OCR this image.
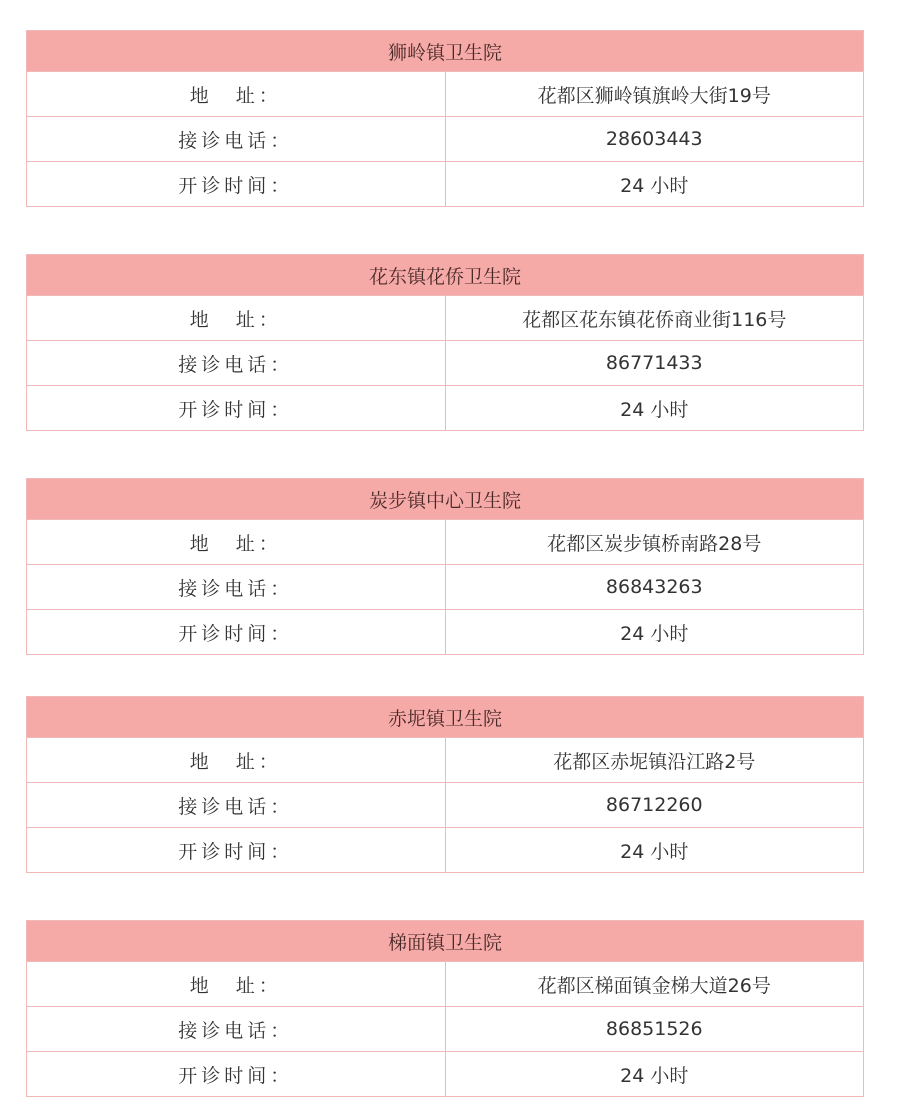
狮岭镇卫生院	
地　址：	花都区狮岭镇旗岭大街19号
接诊电话：	28603443
开诊时间：	24 小时
花东镇花侨卫生院	
地　址：	花都区花东镇花侨商业街116号
接诊电话：	86771433
开诊时间：	24 小时
炭步镇中心卫生院	
地　址：	花都区炭步镇桥南路28号
接诊电话：	86843263
开诊时间：	24 小时
赤坭镇卫生院	
地　址：	花都区赤坭镇沿江路2号
接诊电话：	86712260
开诊时间：	24 小时
梯面镇卫生院	
地　址：	花都区梯面镇金梯大道26号
接诊电话：	86851526
开诊时间：	24 小时
